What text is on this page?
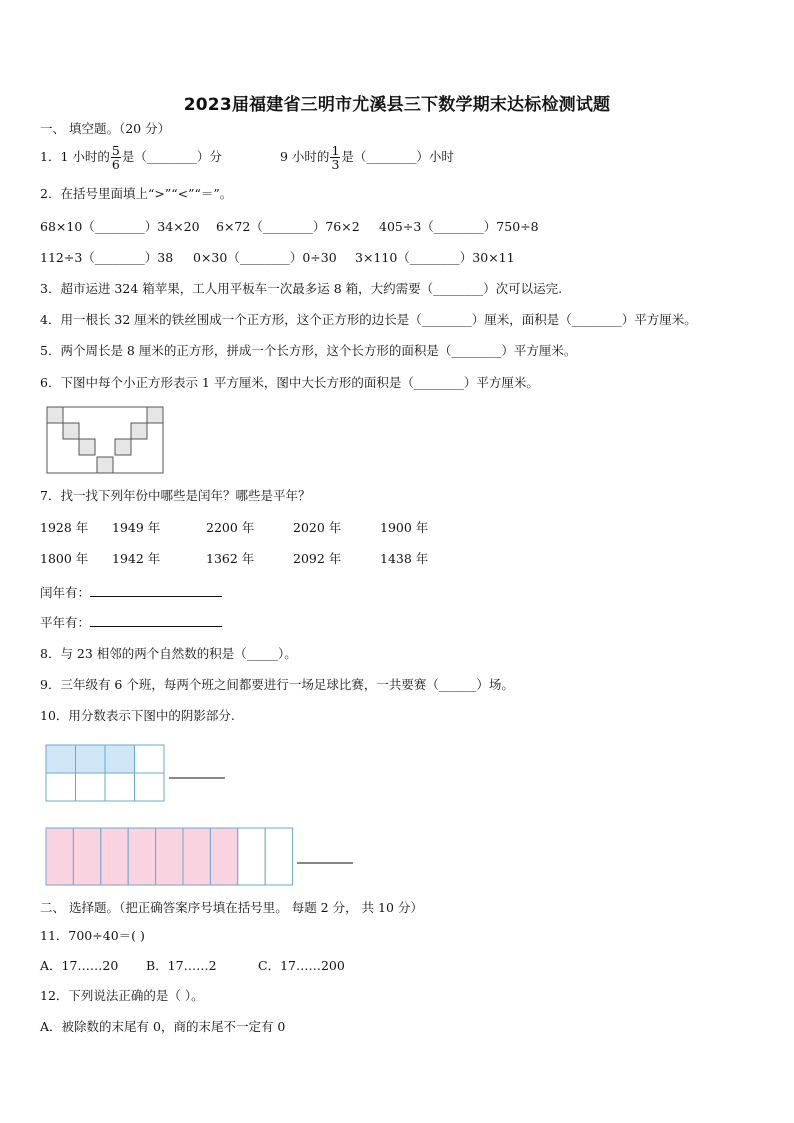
2023届福建省三明市尤溪县三下数学期末达标检测试题
一、 填空题。（20 分）
1．1 小时的 $\frac{5}{6}$ 是（________）分	9 小时的 $\frac{1}{3}$ 是（________）小时
2．在括号里面填上“>”“<”“＝”。
68×10（________）34×20 6×72（________）76×2 405÷3（________）750÷8
112÷3（________）38 0×30（________）0÷30 3×110（________）30×11
3．超市运进 324 箱苹果，工人用平板车一次最多运 8 箱，大约需要（________）次可以运完.
4．用一根长 32 厘米的铁丝围成一个正方形，这个正方形的边长是（________）厘米，面积是（________）平方厘米。
5．两个周长是 8 厘米的正方形，拼成一个长方形，这个长方形的面积是（________）平方厘米。
6．下图中每个小正方形表示 1 平方厘米，图中大长方形的面积是（________）平方厘米。
7．找一找下列年份中哪些是闰年？哪些是平年？
1928 年 1949 年	2200 年	2020 年	1900 年
1800 年 1942 年	1362 年	2092 年	1438 年
闰年有：
平年有：
8．与 23 相邻的两个自然数的积是（_____）。
9．三年级有 6 个班，每两个班之间都要进行一场足球比赛，一共要赛（______）场。
10．用分数表示下图中的阴影部分.
二、 选择题。（把正确答案序号填在括号里。 每题 2 分， 共 10 分）
11．700÷40＝( )
A．17……20 B．17……2	C．17……200
12．下列说法正确的是（ ）。
A．被除数的末尾有 0，商的末尾不一定有 0
